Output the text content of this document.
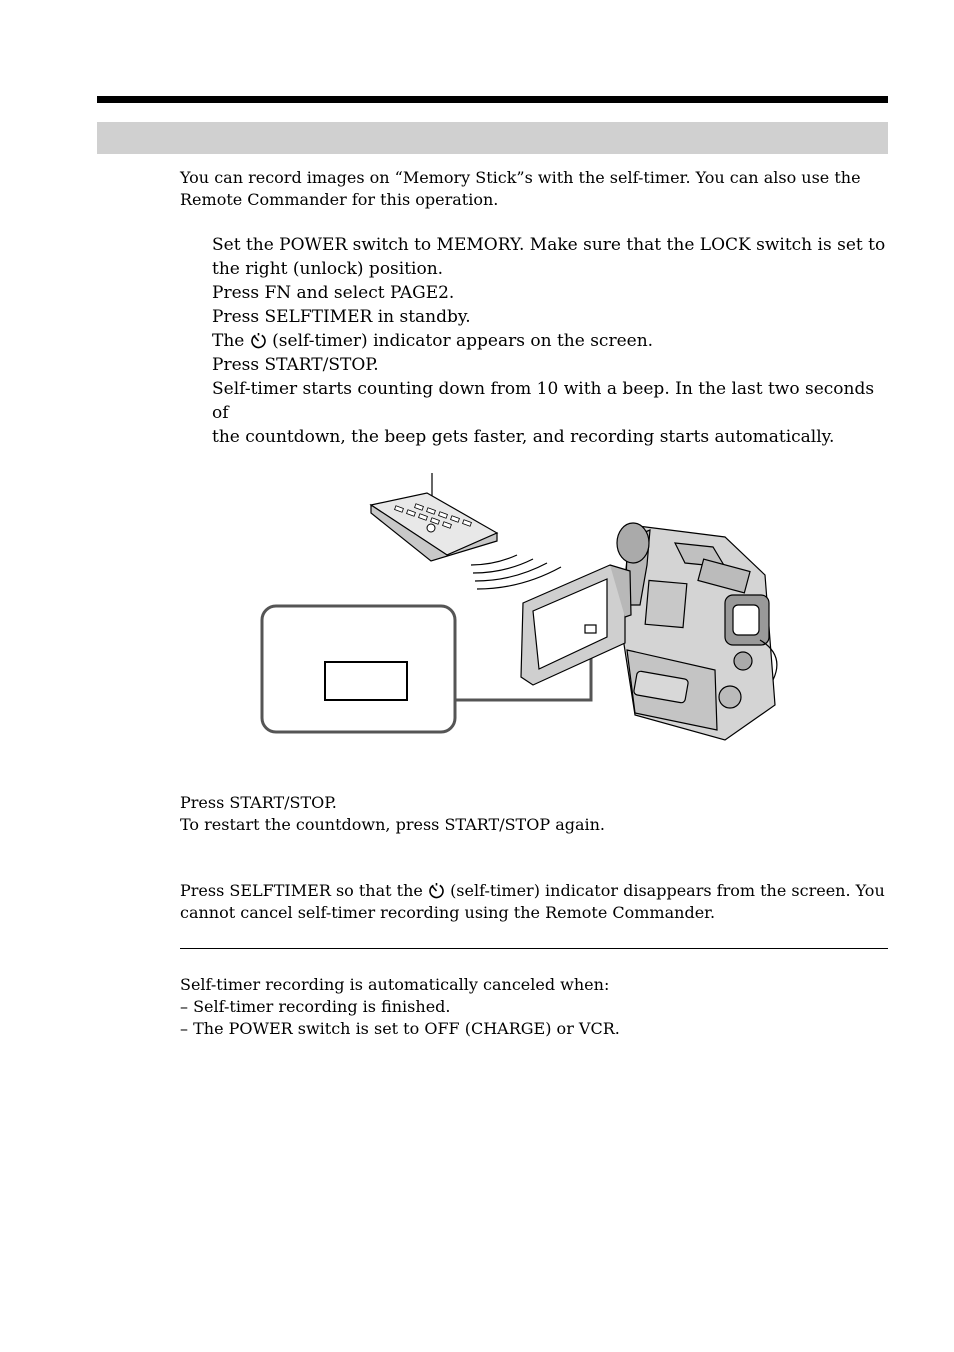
You can record images on “Memory Stick”s with the self-timer. You can also use the

Remote Commander for this operation.

Set the POWER switch to MEMORY. Make sure that the LOCK switch is set to

the right (unlock) position.

Press FN and select PAGE2.

Press SELFTIMER in standby.

The (self-timer) indicator appears on the screen.

Press START/STOP.

Self-timer starts counting down from 10 with a beep. In the last two seconds of

the countdown, the beep gets faster, and recording starts automatically.

Press START/STOP.

To restart the countdown, press START/STOP again.

Press SELFTIMER so that the (self-timer) indicator disappears from the screen. You

cannot cancel self-timer recording using the Remote Commander.

Self-timer recording is automatically canceled when:

– Self-timer recording is finished.

– The POWER switch is set to OFF (CHARGE) or VCR.
